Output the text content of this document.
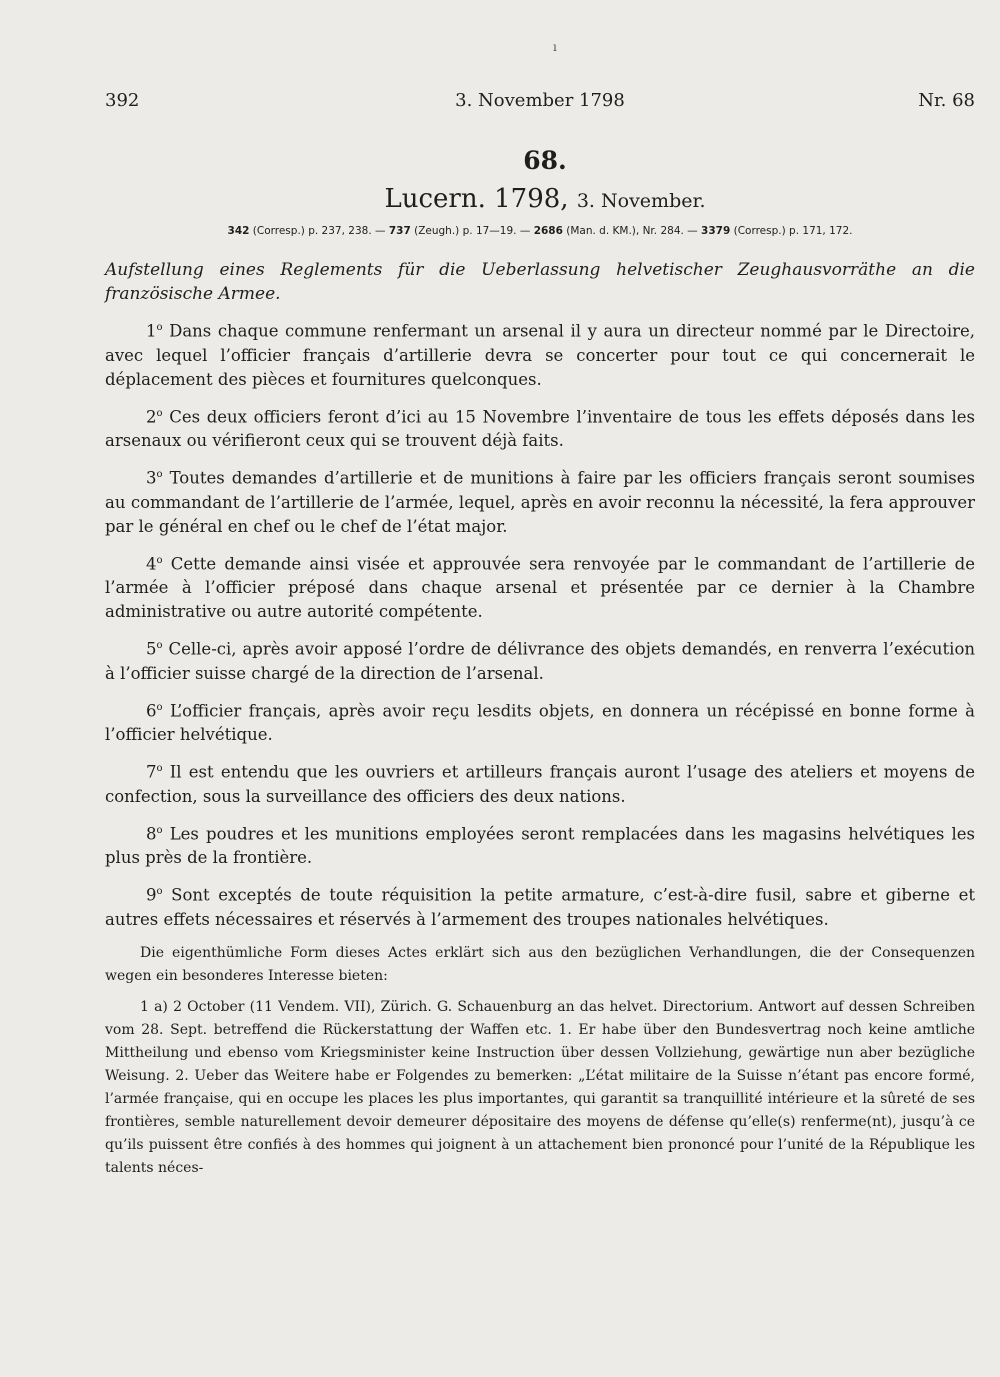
ı
392	3. November 1798	Nr. 68
68.
Lucern. 1798, 3. November.
342 (Corresp.) p. 237, 238. — 737 (Zeugh.) p. 17—19. — 2686 (Man. d. KM.), Nr. 284. — 3379 (Corresp.) p. 171, 172.
Aufstellung eines Reglements für die Ueberlassung helvetischer Zeughausvorräthe an die französische Armee.

1$^o$ Dans chaque commune renfermant un arsenal il y aura un directeur nommé par le Directoire, avec lequel l’officier français d’artillerie devra se concerter pour tout ce qui concernerait le déplacement des pièces et fournitures quelconques.

2$^o$ Ces deux officiers feront d’ici au 15 Novembre l’inventaire de tous les effets déposés dans les arsenaux ou vérifieront ceux qui se trouvent déjà faits.

3$^o$ Toutes demandes d’artillerie et de munitions à faire par les officiers français seront soumises au commandant de l’artillerie de l’armée, lequel, après en avoir reconnu la nécessité, la fera approuver par le général en chef ou le chef de l’état major.

4$^o$ Cette demande ainsi visée et approuvée sera renvoyée par le commandant de l’artillerie de l’armée à l’officier préposé dans chaque arsenal et présentée par ce dernier à la Chambre administrative ou autre autorité compétente.

5$^o$ Celle-ci, après avoir apposé l’ordre de délivrance des objets demandés, en renverra l’exécution à l’officier suisse chargé de la direction de l’arsenal.

6$^o$ L’officier français, après avoir reçu lesdits objets, en donnera un récépissé en bonne forme à l’officier helvétique.

7$^o$ Il est entendu que les ouvriers et artilleurs français auront l’usage des ateliers et moyens de confection, sous la surveillance des officiers des deux nations.

8$^o$ Les poudres et les munitions employées seront remplacées dans les magasins helvétiques les plus près de la frontière.

9$^o$ Sont exceptés de toute réquisition la petite armature, c’est-à-dire fusil, sabre et giberne et autres effets nécessaires et réservés à l’armement des troupes nationales helvétiques.

Die eigenthümliche Form dieses Actes erklärt sich aus den bezüglichen Verhandlungen, die der Consequenzen wegen ein besonderes Interesse bieten:

1 a) 2 October (11 Vendem. VII), Zürich. G. Schauenburg an das helvet. Directorium. Antwort auf dessen Schreiben vom 28. Sept. betreffend die Rückerstattung der Waffen etc. 1. Er habe über den Bundesvertrag noch keine amtliche Mittheilung und ebenso vom Kriegsminister keine Instruction über dessen Vollziehung, gewärtige nun aber bezügliche Weisung. 2. Ueber das Weitere habe er Folgendes zu bemerken: „L’état militaire de la Suisse n’étant pas encore formé, l’armée française, qui en occupe les places les plus importantes, qui garantit sa tranquillité intérieure et la sûreté de ses frontières, semble naturellement devoir demeurer dépositaire des moyens de défense qu’elle(s) renferme(nt), jusqu’à ce qu’ils puissent être confiés à des hommes qui joignent à un attachement bien prononcé pour l’unité de la République les talents néces-
